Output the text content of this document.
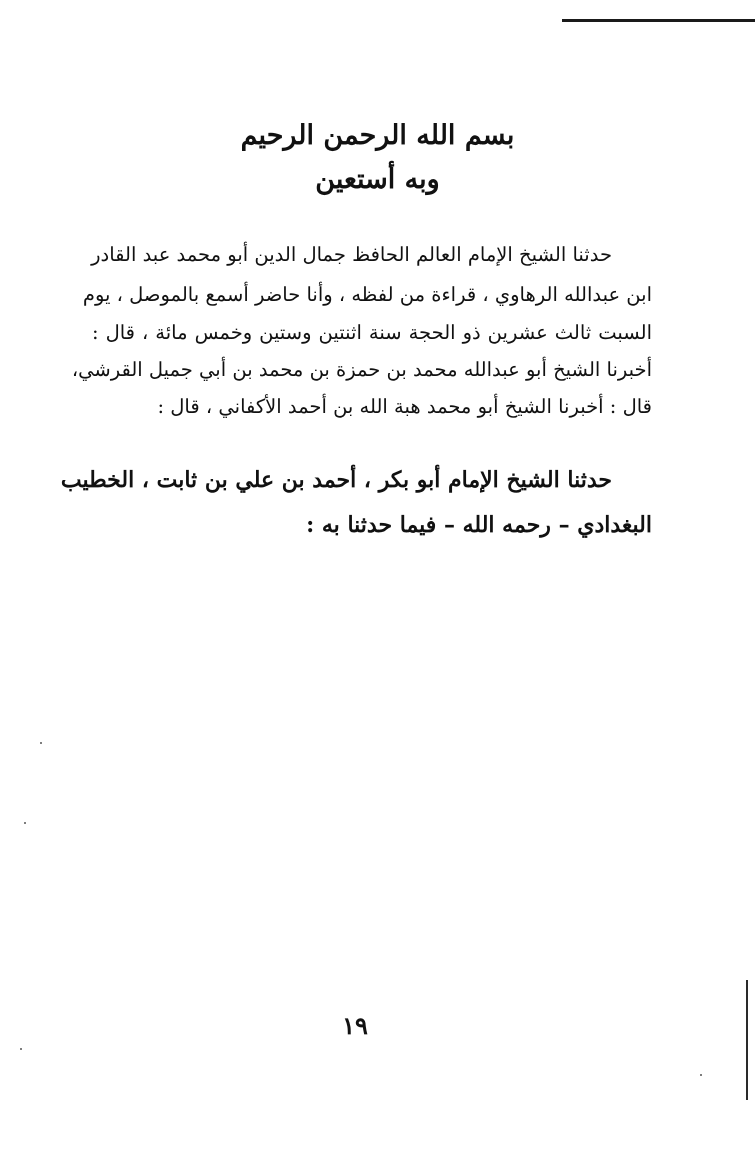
بسم الله الرحمن الرحيم
وبه أستعين
حدثنا الشيخ الإمام العالم الحافظ جمال الدين أبو محمد عبد القادر
ابن عبدالله الرهاوي ، قراءة من لفظه ، وأنا حاضر أسمع بالموصل ، يوم
السبت ثالث عشرين ذو الحجة سنة اثنتين وستين وخمس مائة ، قال :
أخبرنا الشيخ أبو عبدالله محمد بن حمزة بن محمد بن أبي جميل القرشي،
قال : أخبرنا الشيخ أبو محمد هبة الله بن أحمد الأكفاني ، قال :
حدثنا الشيخ الإمام أبو بكر ، أحمد بن علي بن ثابت ، الخطيب
البغدادي – رحمه الله – فيما حدثنا به :
١٩
